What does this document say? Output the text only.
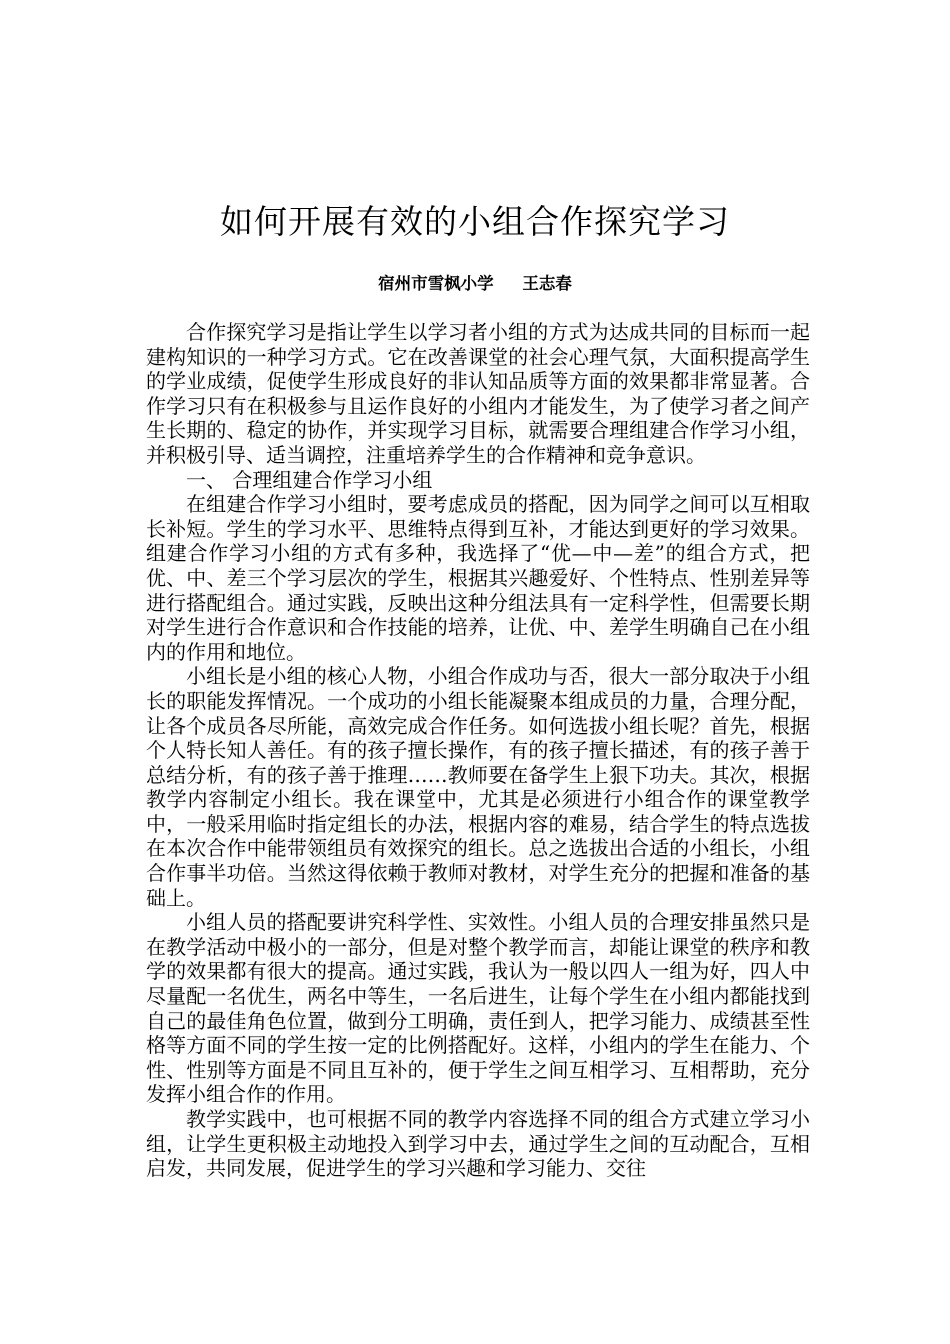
如何开展有效的小组合作探究学习
宿州市雪枫小学     王志春

合作探究学习是指让学生以学习者小组的方式为达成共同的目标而一起建构知识的一种学习方式。它在改善课堂的社会心理气氛，大面积提高学生的学业成绩，促使学生形成良好的非认知品质等方面的效果都非常显著。合作学习只有在积极参与且运作良好的小组内才能发生，为了使学习者之间产生长期的、稳定的协作，并实现学习目标，就需要合理组建合作学习小组，并积极引导、适当调控，注重培养学生的合作精神和竞争意识。

一、 合理组建合作学习小组

在组建合作学习小组时，要考虑成员的搭配，因为同学之间可以互相取长补短。学生的学习水平、思维特点得到互补，才能达到更好的学习效果。组建合作学习小组的方式有多种，我选择了“优—中—差”的组合方式，把优、中、差三个学习层次的学生，根据其兴趣爱好、个性特点、性别差异等进行搭配组合。通过实践，反映出这种分组法具有一定科学性，但需要长期对学生进行合作意识和合作技能的培养，让优、中、差学生明确自己在小组内的作用和地位。

小组长是小组的核心人物，小组合作成功与否，很大一部分取决于小组长的职能发挥情况。一个成功的小组长能凝聚本组成员的力量，合理分配，让各个成员各尽所能，高效完成合作任务。如何选拔小组长呢？首先，根据个人特长知人善任。有的孩子擅长操作，有的孩子擅长描述，有的孩子善于总结分析，有的孩子善于推理……教师要在备学生上狠下功夫。其次，根据教学内容制定小组长。我在课堂中，尤其是必须进行小组合作的课堂教学中，一般采用临时指定组长的办法，根据内容的难易，结合学生的特点选拔在本次合作中能带领组员有效探究的组长。总之选拔出合适的小组长，小组合作事半功倍。当然这得依赖于教师对教材，对学生充分的把握和准备的基础上。

小组人员的搭配要讲究科学性、实效性。小组人员的合理安排虽然只是在教学活动中极小的一部分，但是对整个教学而言，却能让课堂的秩序和教学的效果都有很大的提高。通过实践，我认为一般以四人一组为好，四人中尽量配一名优生，两名中等生，一名后进生，让每个学生在小组内都能找到自己的最佳角色位置，做到分工明确，责任到人，把学习能力、成绩甚至性格等方面不同的学生按一定的比例搭配好。这样，小组内的学生在能力、个性、性别等方面是不同且互补的，便于学生之间互相学习、互相帮助，充分发挥小组合作的作用。

教学实践中，也可根据不同的教学内容选择不同的组合方式建立学习小组，让学生更积极主动地投入到学习中去，通过学生之间的互动配合，互相启发，共同发展，促进学生的学习兴趣和学习能力、交往
